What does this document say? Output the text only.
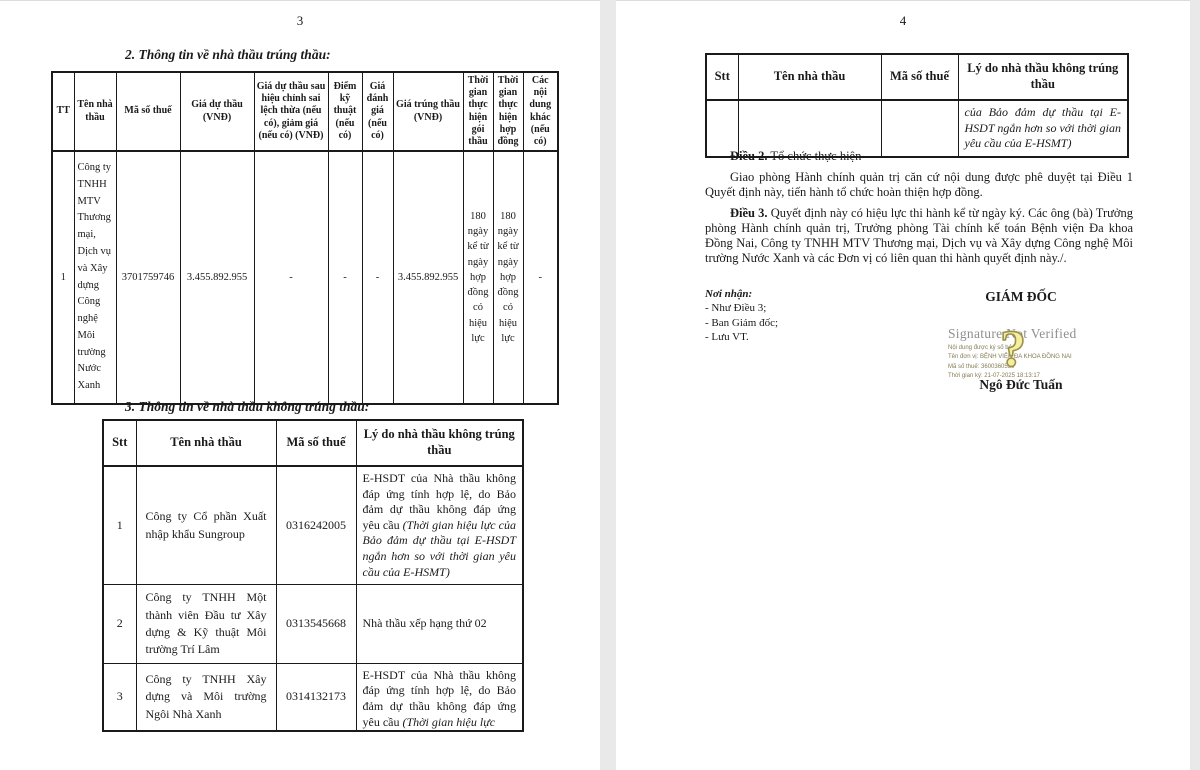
3
2. Thông tin về nhà thầu trúng thầu:
TT	Tên nhà thầu	Mã số thuế	Giá dự thầu (VNĐ)	Giá dự thầu sau hiệu chỉnh sai lệch thừa (nếu có), giảm giá (nếu có) (VNĐ)	Điểm kỹ thuật (nếu có)	Giá đánh giá (nếu có)	Giá trúng thầu (VNĐ)	Thời gian thực hiện gói thầu	Thời gian thực hiện hợp đồng	Các nội dung khác (nếu có)
1	Công ty TNHH MTV Thương mại, Dịch vụ và Xây dựng Công nghệ Môi trường Nước Xanh	3701759746	3.455.892.955	-	-	-	3.455.892.955	180 ngày kể từ ngày hợp đồng có hiệu lực	180 ngày kể từ ngày hợp đồng có hiệu lực	-
3. Thông tin về nhà thầu không trúng thầu:
Stt	Tên nhà thầu	Mã số thuế	Lý do nhà thầu không trúng thầu
1	Công ty Cổ phần Xuất nhập khẩu Sungroup	0316242005	E-HSDT của Nhà thầu không đáp ứng tính hợp lệ, do Bảo đảm dự thầu không đáp ứng yêu cầu (Thời gian hiệu lực của Bảo đảm dự thầu tại E-HSDT ngắn hơn so với thời gian yêu cầu của E-HSMT)
2	Công ty TNHH Một thành viên Đầu tư Xây dựng & Kỹ thuật Môi trường Trí Lâm	0313545668	Nhà thầu xếp hạng thứ 02
3	Công ty TNHH Xây dựng và Môi trường Ngôi Nhà Xanh	0314132173	E-HSDT của Nhà thầu không đáp ứng tính hợp lệ, do Bảo đảm dự thầu không đáp ứng yêu cầu (Thời gian hiệu lực
4
Stt	Tên nhà thầu	Mã số thuế	Lý do nhà thầu không trúng thầu
			của Bảo đảm dự thầu tại E-HSDT ngắn hơn so với thời gian yêu cầu của E-HSMT)

Điều 2. Tổ chức thực hiện

Giao phòng Hành chính quản trị căn cứ nội dung được phê duyệt tại Điều 1 Quyết định này, tiến hành tổ chức hoàn thiện hợp đồng.

Điều 3. Quyết định này có hiệu lực thi hành kể từ ngày ký. Các ông (bà) Trưởng phòng Hành chính quản trị, Trưởng phòng Tài chính kế toán Bệnh viện Đa khoa Đồng Nai, Công ty TNHH MTV Thương mại, Dịch vụ và Xây dựng Công nghệ Môi trường Nước Xanh và các Đơn vị có liên quan thi hành quyết định này./.

Nơi nhận:
- Như Điều 3;
- Ban Giám đốc;
- Lưu VT.
GIÁM ĐỐC
Signature Not Verified
Nội dung được ký số bởi:
Tên đơn vị: BỆNH VIỆN ĐA KHOA ĐỒNG NAI
Mã số thuế: 3600360539
Thời gian ký: 21-07-2025 18:13:17
?
Ngô Đức Tuấn
